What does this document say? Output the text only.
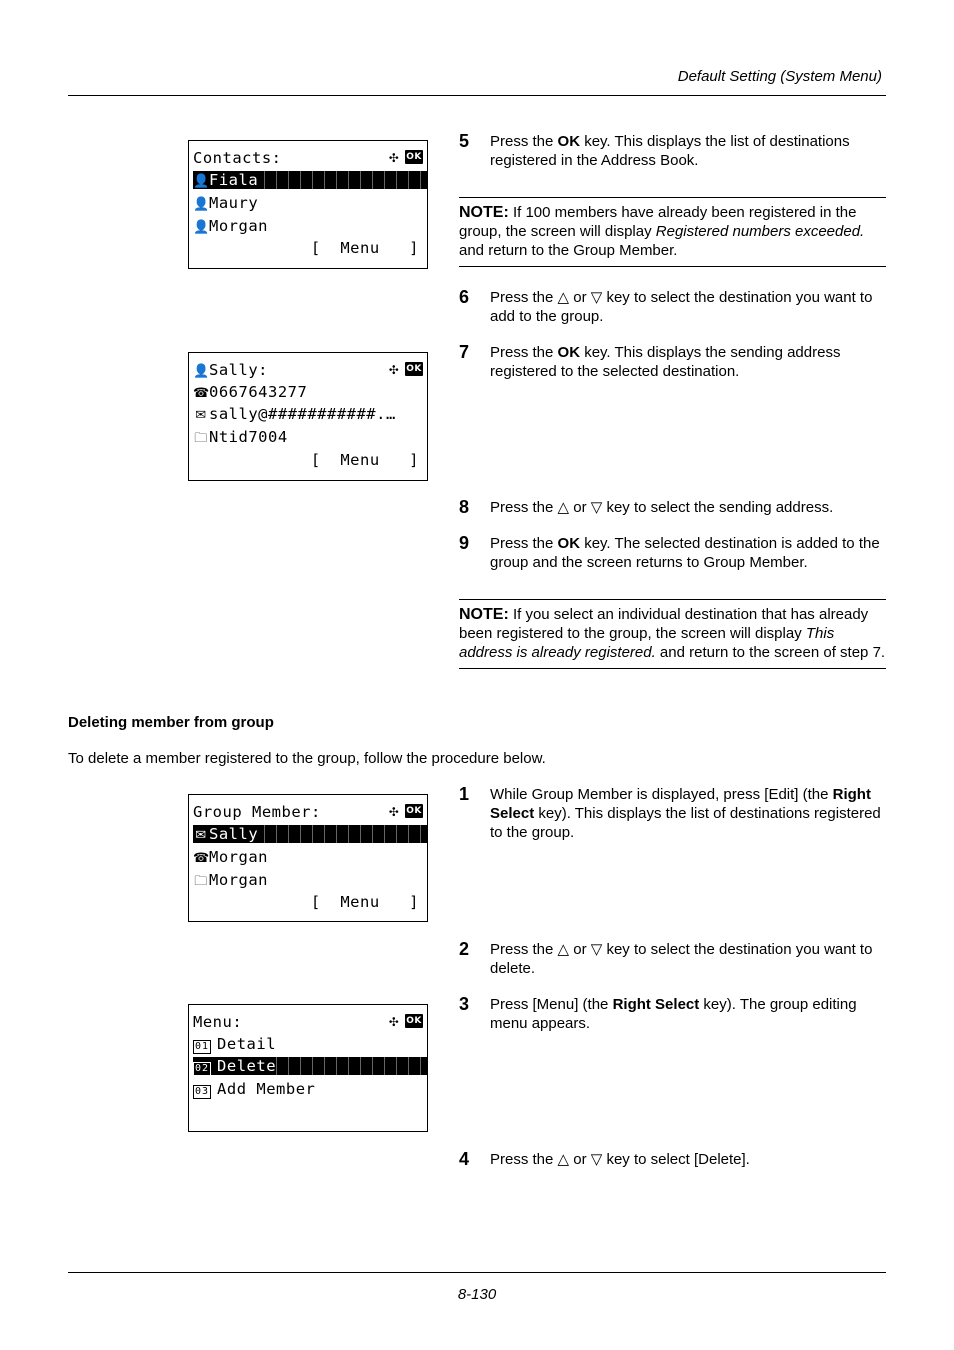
Default Setting (System Menu)
Contacts:	✣ OK
👤Fiala
👤Maury
👤Morgan
[  Menu   ]
5 Press the OK key. This displays the list of destinations registered in the Address Book.
NOTE: If 100 members have already been registered in the group, the screen will display Registered numbers exceeded. and return to the Group Member.
6 Press the △ or ▽ key to select the destination you want to add to the group.
7 Press the OK key. This displays the sending address registered to the selected destination.
👤Sally:	✣ OK
☎0667643277
✉ sally@###########.…
🗀Ntid7004
[  Menu   ]
8 Press the △ or ▽ key to select the sending address.
9 Press the OK key. The selected destination is added to the group and the screen returns to Group Member.
NOTE: If you select an individual destination that has already been registered to the group, the screen will display This address is already registered. and return to the screen of step 7.
Deleting member from group
To delete a member registered to the group, follow the procedure below.
Group Member:	✣ OK
✉ Sally
☎Morgan
🗀Morgan
[  Menu   ]
1 While Group Member is displayed, press [Edit] (the Right Select key). This displays the list of destinations registered to the group.
2 Press the △ or ▽ key to select the destination you want to delete.
3 Press [Menu] (the Right Select key). The group editing menu appears.
Menu:	✣ OK
01 Detail
02 Delete
03 Add Member
4 Press the △ or ▽ key to select [Delete].
8-130
